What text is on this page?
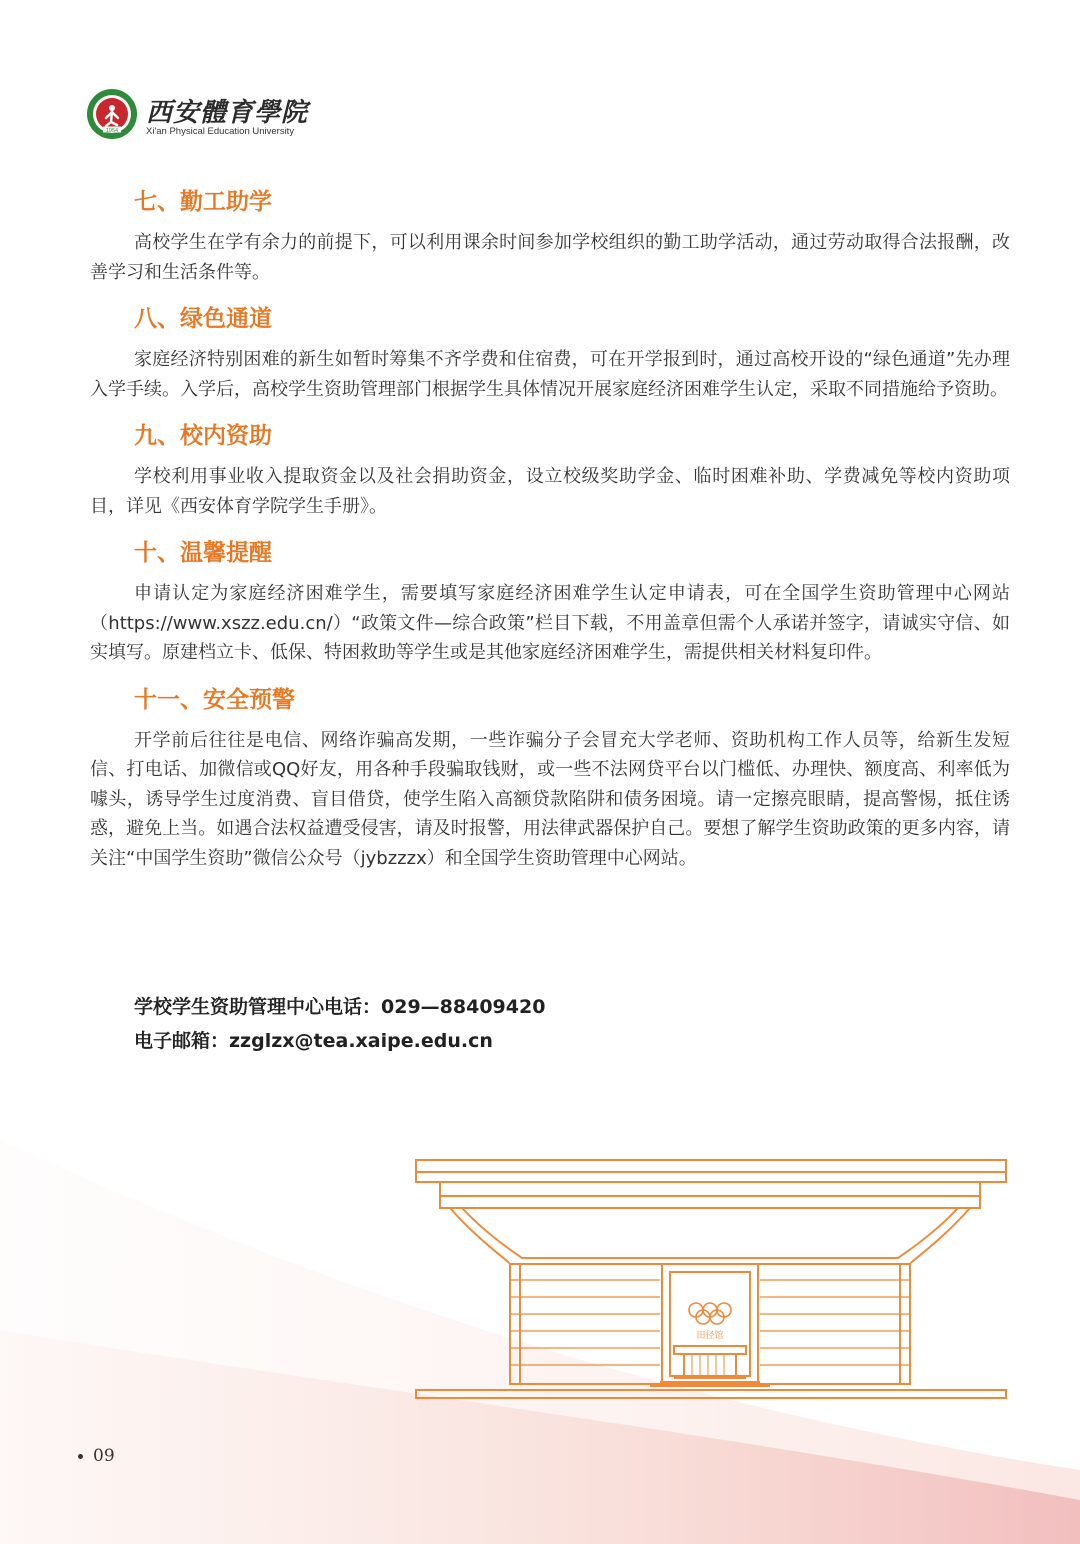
1954
西安體育學院
Xi'an Physical Education University
七、勤工助学

高校学生在学有余力的前提下，可以利用课余时间参加学校组织的勤工助学活动，通过劳动取得合法报酬，改善学习和生活条件等。

八、绿色通道

家庭经济特别困难的新生如暂时筹集不齐学费和住宿费，可在开学报到时，通过高校开设的“绿色通道”先办理入学手续。入学后，高校学生资助管理部门根据学生具体情况开展家庭经济困难学生认定，采取不同措施给予资助。

九、校内资助

学校利用事业收入提取资金以及社会捐助资金，设立校级奖助学金、临时困难补助、学费减免等校内资助项目，详见《西安体育学院学生手册》。

十、温馨提醒

申请认定为家庭经济困难学生，需要填写家庭经济困难学生认定申请表，可在全国学生资助管理中心网站（https://www.xszz.edu.cn/）“政策文件—综合政策”栏目下载，不用盖章但需个人承诺并签字，请诚实守信、如实填写。原建档立卡、低保、特困救助等学生或是其他家庭经济困难学生，需提供相关材料复印件。

十一、安全预警

开学前后往往是电信、网络诈骗高发期，一些诈骗分子会冒充大学老师、资助机构工作人员等，给新生发短信、打电话、加微信或QQ好友，用各种手段骗取钱财，或一些不法网贷平台以门槛低、办理快、额度高、利率低为噱头，诱导学生过度消费、盲目借贷，使学生陷入高额贷款陷阱和债务困境。请一定擦亮眼睛，提高警惕，抵住诱惑，避免上当。如遇合法权益遭受侵害，请及时报警，用法律武器保护自己。要想了解学生资助政策的更多内容，请关注“中国学生资助”微信公众号（jybzzzx）和全国学生资助管理中心网站。

学校学生资助管理中心电话：029—88409420
电子邮箱：zzglzx@tea.xaipe.edu.cn
田径馆
09
